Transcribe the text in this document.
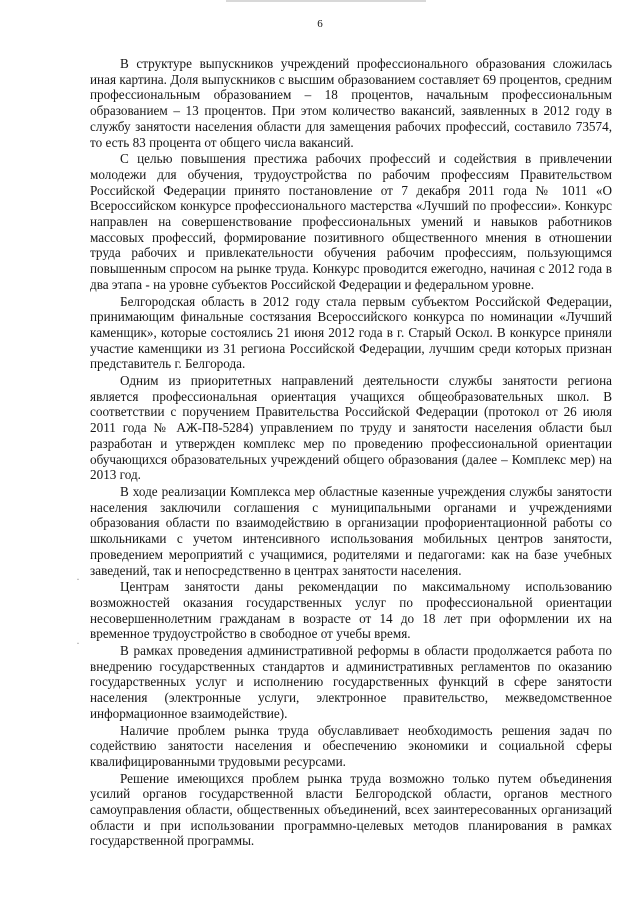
6
·
·

В структуре выпускников учреждений профессионального образования сложилась иная картина. Доля выпускников с высшим образованием составляет 69 процентов, средним профессиональным образованием – 18 процентов, начальным профессиональным образованием – 13 процентов. При этом количество вакансий, заявленных в 2012 году в службу занятости населения области для замещения рабочих профессий, составило 73574, то есть 83 процента от общего числа вакансий.

С целью повышения престижа рабочих профессий и содействия в привлечении молодежи для обучения, трудоустройства по рабочим профессиям Правительством Российской Федерации принято постановление от 7 декабря 2011 года № 1011 «О Всероссийском конкурсе профессионального мастерства «Лучший по профессии». Конкурс направлен на совершенствование профессиональных умений и навыков работников массовых профессий, формирование позитивного общественного мнения в отношении труда рабочих и привлекательности обучения рабочим профессиям, пользующимся повышенным спросом на рынке труда. Конкурс проводится ежегодно, начиная с 2012 года в два этапа - на уровне субъектов Российской Федерации и федеральном уровне.

Белгородская область в 2012 году стала первым субъектом Российской Федерации, принимающим финальные состязания Всероссийского конкурса по номинации «Лучший каменщик», которые состоялись 21 июня 2012 года в г. Старый Оскол. В конкурсе приняли участие каменщики из 31 региона Российской Федерации, лучшим среди которых признан представитель г. Белгорода.

Одним из приоритетных направлений деятельности службы занятости региона является профессиональная ориентация учащихся общеобразовательных школ. В соответствии с поручением Правительства Российской Федерации (протокол от 26 июля 2011 года № АЖ-П8-5284) управлением по труду и занятости населения области был разработан и утвержден комплекс мер по проведению профессиональной ориентации обучающихся образовательных учреждений общего образования (далее – Комплекс мер) на 2013 год.

В ходе реализации Комплекса мер областные казенные учреждения службы занятости населения заключили соглашения с муниципальными органами и учреждениями образования области по взаимодействию в организации профориентационной работы со школьниками с учетом интенсивного использования мобильных центров занятости, проведением мероприятий с учащимися, родителями и педагогами: как на базе учебных заведений, так и непосредственно в центрах занятости населения.

Центрам занятости даны рекомендации по максимальному использованию возможностей оказания государственных услуг по профессиональной ориентации несовершеннолетним гражданам в возрасте от 14 до 18 лет при оформлении их на временное трудоустройство в свободное от учебы время.

В рамках проведения административной реформы в области продолжается работа по внедрению государственных стандартов и административных регламентов по оказанию государственных услуг и исполнению государственных функций в сфере занятости населения (электронные услуги, электронное правительство, межведомственное информационное взаимодействие).

Наличие проблем рынка труда обуславливает необходимость решения задач по содействию занятости населения и обеспечению экономики и социальной сферы квалифицированными трудовыми ресурсами.

Решение имеющихся проблем рынка труда возможно только путем объединения усилий органов государственной власти Белгородской области, органов местного самоуправления области, общественных объединений, всех заинтересованных организаций области и при использовании программно-целевых методов планирования в рамках государственной программы.
